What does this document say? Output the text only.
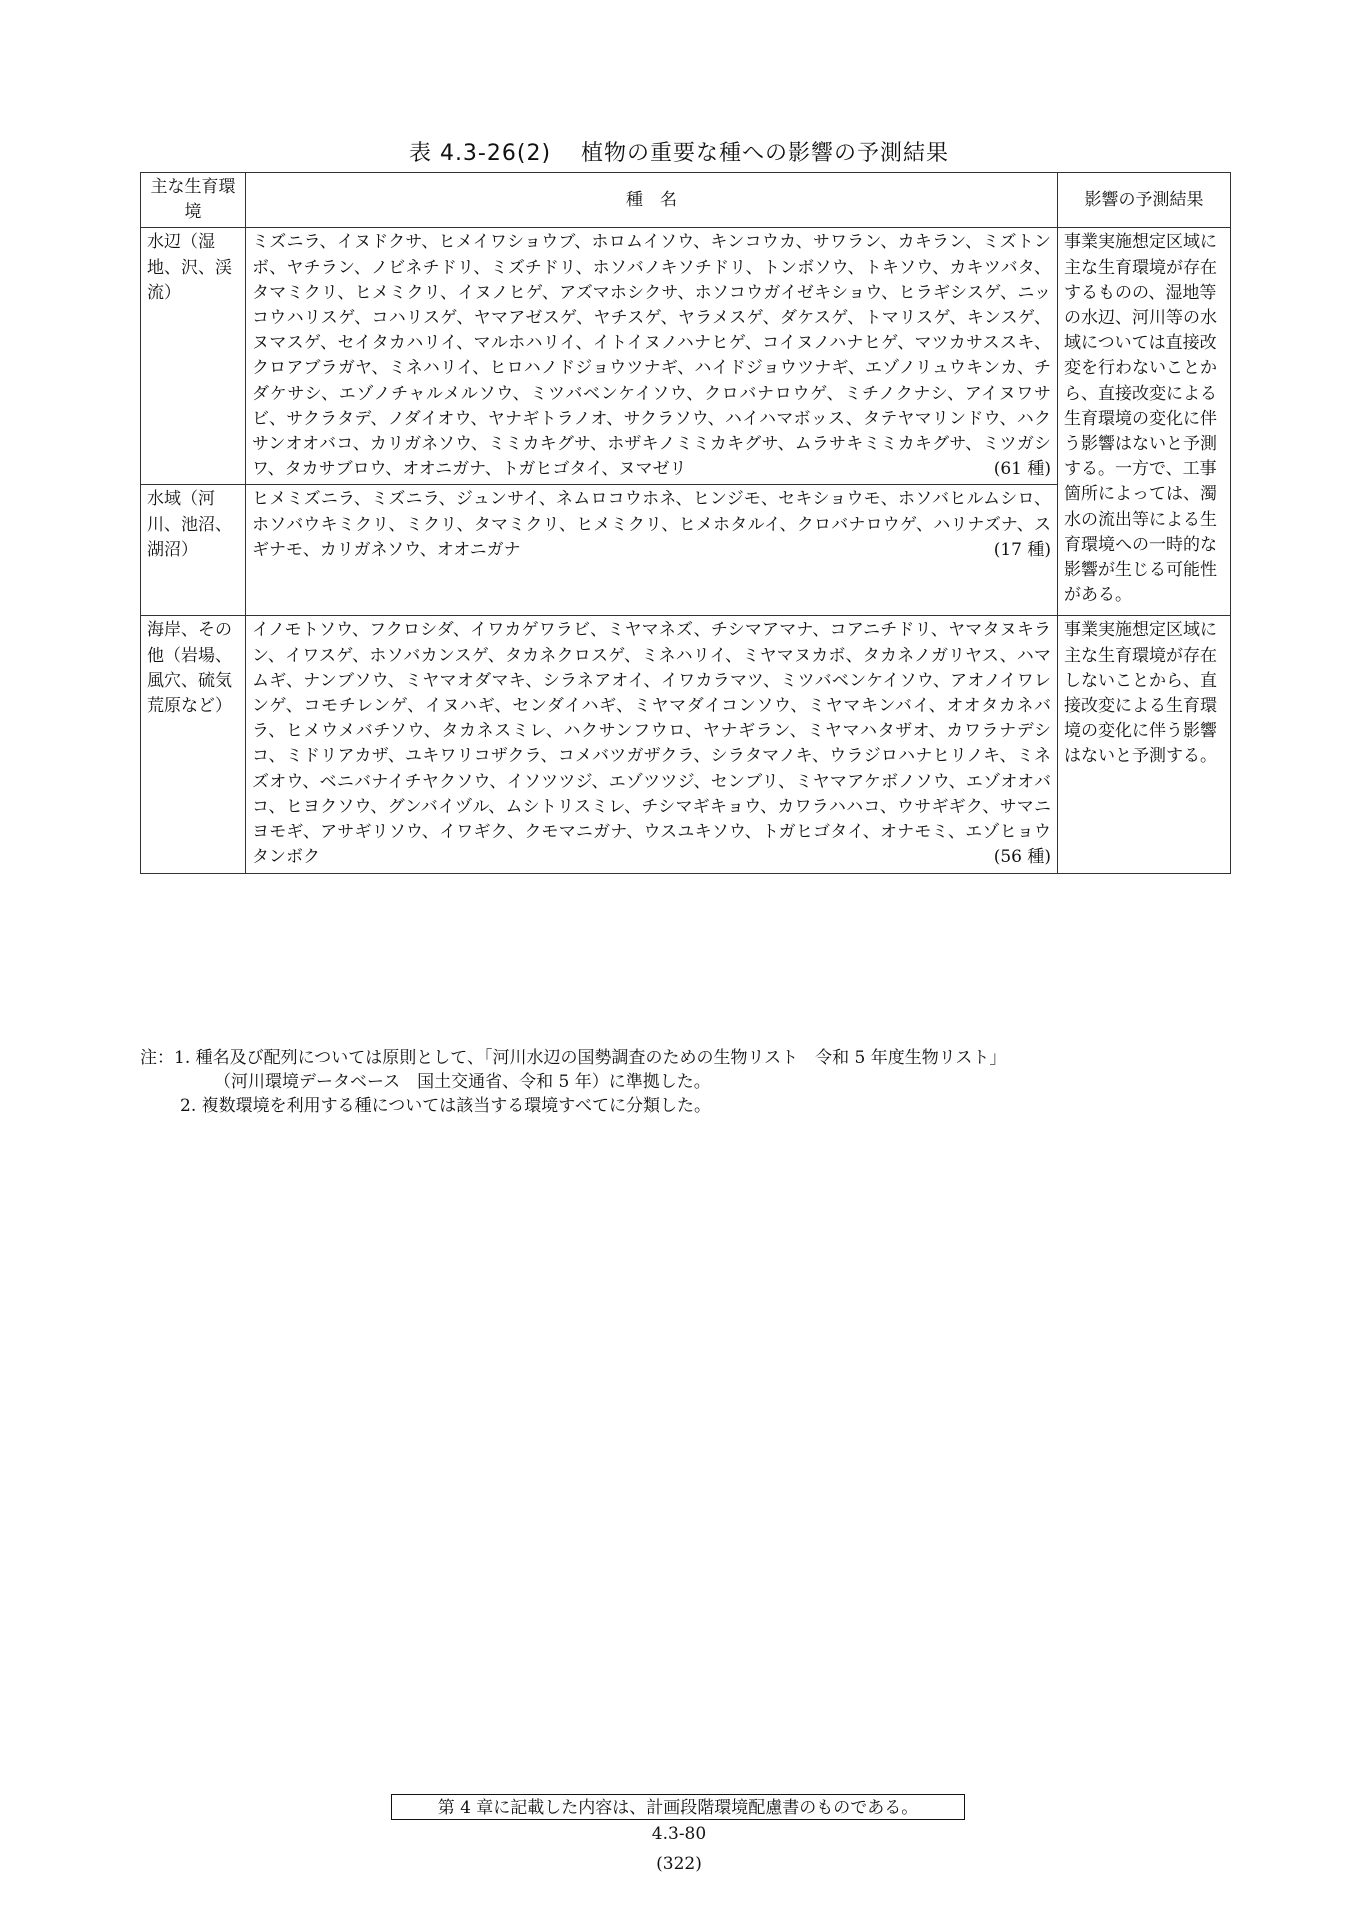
表 4.3-26(2) 植物の重要な種への影響の予測結果
主な生育環境	種　名	影響の予測結果
水辺（湿地、沢、渓流）	ミズニラ、イヌドクサ、ヒメイワショウブ、ホロムイソウ、キンコウカ、サワラン、カキラン、ミズトンボ、ヤチラン、ノビネチドリ、ミズチドリ、ホソバノキソチドリ、トンボソウ、トキソウ、カキツバタ、タマミクリ、ヒメミクリ、イヌノヒゲ、アズマホシクサ、ホソコウガイゼキショウ、ヒラギシスゲ、ニッコウハリスゲ、コハリスゲ、ヤマアゼスゲ、ヤチスゲ、ヤラメスゲ、ダケスゲ、トマリスゲ、キンスゲ、ヌマスゲ、セイタカハリイ、マルホハリイ、イトイヌノハナヒゲ、コイヌノハナヒゲ、マツカサススキ、クロアブラガヤ、ミネハリイ、ヒロハノドジョウツナギ、ハイドジョウツナギ、エゾノリュウキンカ、チダケサシ、エゾノチャルメルソウ、ミツバベンケイソウ、クロバナロウゲ、ミチノクナシ、アイヌワサビ、サクラタデ、ノダイオウ、ヤナギトラノオ、サクラソウ、ハイハマボッス、タテヤマリンドウ、ハクサンオオバコ、カリガネソウ、ミミカキグサ、ホザキノミミカキグサ、ムラサキミミカキグサ、ミツガシワ、タカサブロウ、オオニガナ、トガヒゴタイ、ヌマゼリ (61 種)	事業実施想定区域に主な生育環境が存在するものの、湿地等の水辺、河川等の水域については直接改変を行わないことから、直接改変による生育環境の変化に伴う影響はないと予測する。一方で、工事箇所によっては、濁水の流出等による生育環境への一時的な影響が生じる可能性がある。
水域（河川、池沼、湖沼）	ヒメミズニラ、ミズニラ、ジュンサイ、ネムロコウホネ、ヒンジモ、セキショウモ、ホソバヒルムシロ、ホソバウキミクリ、ミクリ、タマミクリ、ヒメミクリ、ヒメホタルイ、クロバナロウゲ、ハリナズナ、スギナモ、カリガネソウ、オオニガナ (17 種)	

海岸、その他（岩場、風穴、硫気荒原など）	イノモトソウ、フクロシダ、イワカゲワラビ、ミヤマネズ、チシマアマナ、コアニチドリ、ヤマタヌキラン、イワスゲ、ホソバカンスゲ、タカネクロスゲ、ミネハリイ、ミヤマヌカボ、タカネノガリヤス、ハマムギ、ナンブソウ、ミヤマオダマキ、シラネアオイ、イワカラマツ、ミツバベンケイソウ、アオノイワレンゲ、コモチレンゲ、イヌハギ、センダイハギ、ミヤマダイコンソウ、ミヤマキンバイ、オオタカネバラ、ヒメウメバチソウ、タカネスミレ、ハクサンフウロ、ヤナギラン、ミヤマハタザオ、カワラナデシコ、ミドリアカザ、ユキワリコザクラ、コメバツガザクラ、シラタマノキ、ウラジロハナヒリノキ、ミネズオウ、ベニバナイチヤクソウ、イソツツジ、エゾツツジ、センブリ、ミヤマアケボノソウ、エゾオオバコ、ヒヨクソウ、グンバイヅル、ムシトリスミレ、チシマギキョウ、カワラハハコ、ウサギギク、サマニヨモギ、アサギリソウ、イワギク、クモマニガナ、ウスユキソウ、トガヒゴタイ、オナモミ、エゾヒョウタンボク (56 種)	事業実施想定区域に主な生育環境が存在しないことから、直接改変による生育環境の変化に伴う影響はないと予測する。
注：1. 種名及び配列については原則として、「河川水辺の国勢調査のための生物リスト　令和 5 年度生物リスト」
（河川環境データベース　国土交通省、令和 5 年）に準拠した。
2. 複数環境を利用する種については該当する環境すべてに分類した。
第 4 章に記載した内容は、計画段階環境配慮書のものである。
4.3-80
(322)
